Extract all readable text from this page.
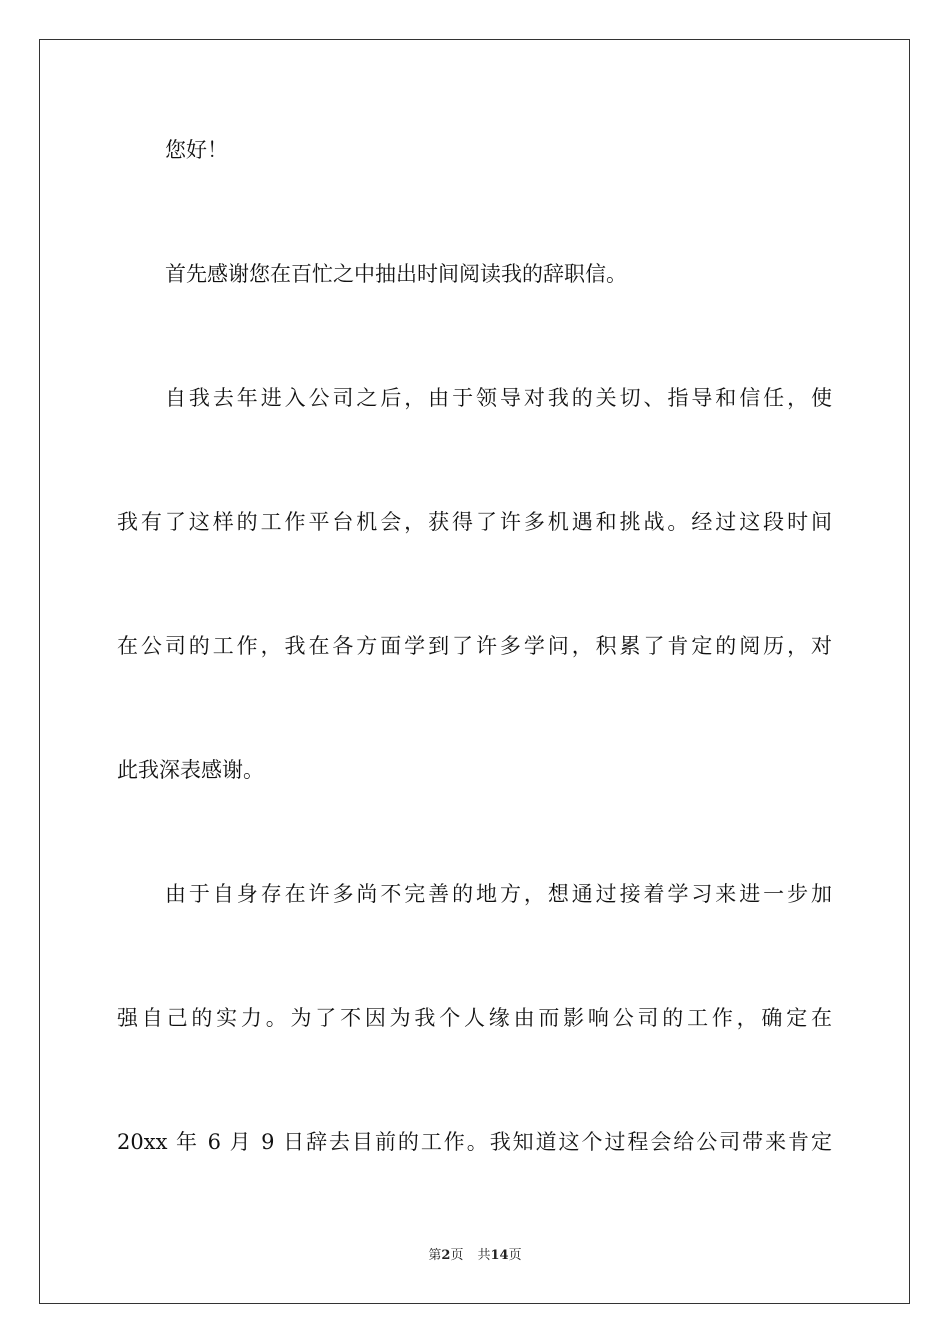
您好！
首先感谢您在百忙之中抽出时间阅读我的辞职信。
自我去年进入公司之后，由于领导对我的关切、指导和信任，使
我有了这样的工作平台机会，获得了许多机遇和挑战。经过这段时间
在公司的工作，我在各方面学到了许多学问，积累了肯定的阅历，对
此我深表感谢。
由于自身存在许多尚不完善的地方，想通过接着学习来进一步加
强自己的实力。为了不因为我个人缘由而影响公司的工作，确定在
20xx 年 6 月 9 日辞去目前的工作。我知道这个过程会给公司带来肯定
第2页 共14页
